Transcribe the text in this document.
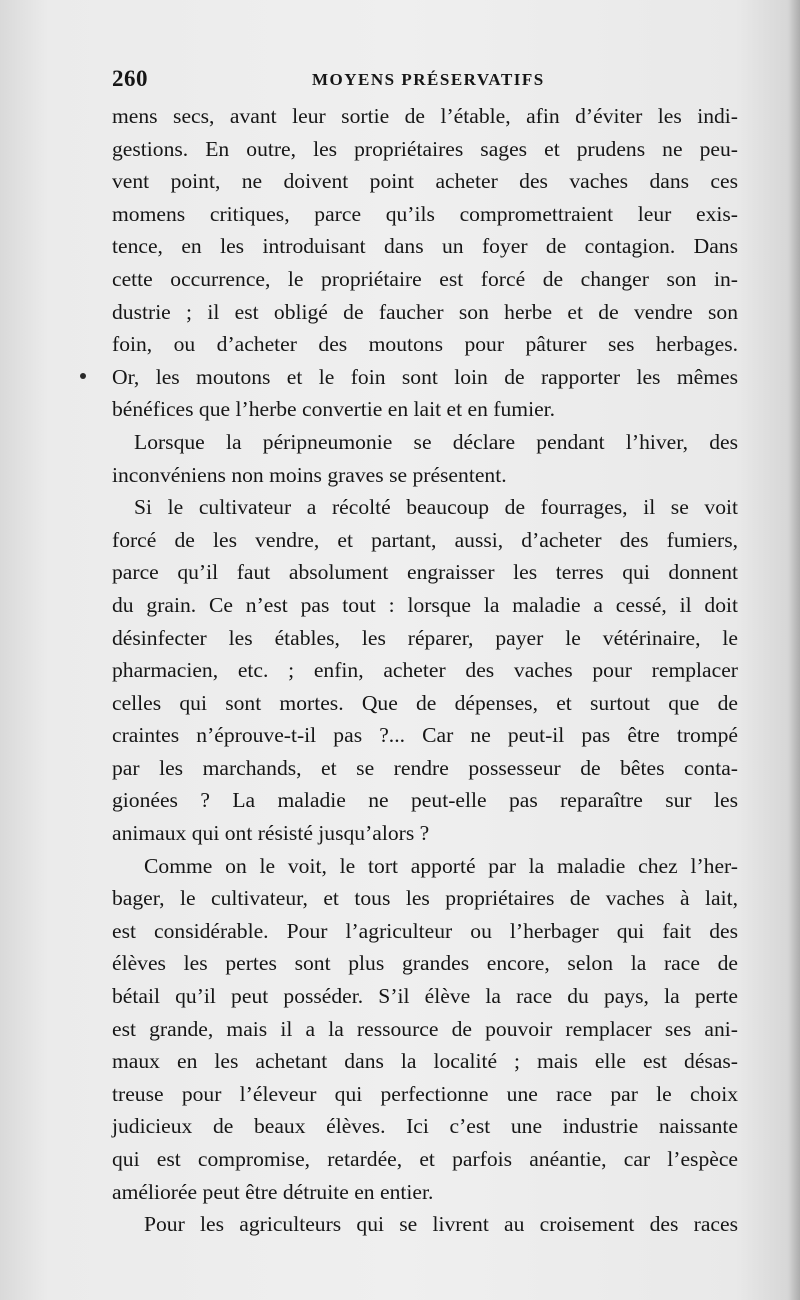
260	MOYENS PRÉSERVATIFS
mens secs, avant leur sortie de l’étable, afin d’éviter les indi-
gestions. En outre, les propriétaires sages et prudens ne peu-
vent point, ne doivent point acheter des vaches dans ces
momens critiques, parce qu’ils compromettraient leur exis-
tence, en les introduisant dans un foyer de contagion. Dans
cette occurrence, le propriétaire est forcé de changer son in-
dustrie ; il est obligé de faucher son herbe et de vendre son
foin, ou d’acheter des moutons pour pâturer ses herbages.
Or, les moutons et le foin sont loin de rapporter les mêmes
bénéfices que l’herbe convertie en lait et en fumier.
Lorsque la péripneumonie se déclare pendant l’hiver, des
inconvéniens non moins graves se présentent.
Si le cultivateur a récolté beaucoup de fourrages, il se voit
forcé de les vendre, et partant, aussi, d’acheter des fumiers,
parce qu’il faut absolument engraisser les terres qui donnent
du grain. Ce n’est pas tout : lorsque la maladie a cessé, il doit
désinfecter les étables, les réparer, payer le vétérinaire, le
pharmacien, etc. ; enfin, acheter des vaches pour remplacer
celles qui sont mortes. Que de dépenses, et surtout que de
craintes n’éprouve-t-il pas ?... Car ne peut-il pas être trompé
par les marchands, et se rendre possesseur de bêtes conta-
gionées ? La maladie ne peut-elle pas reparaître sur les
animaux qui ont résisté jusqu’alors ?
Comme on le voit, le tort apporté par la maladie chez l’her-
bager, le cultivateur, et tous les propriétaires de vaches à lait,
est considérable. Pour l’agriculteur ou l’herbager qui fait des
élèves les pertes sont plus grandes encore, selon la race de
bétail qu’il peut posséder. S’il élève la race du pays, la perte
est grande, mais il a la ressource de pouvoir remplacer ses ani-
maux en les achetant dans la localité ; mais elle est désas-
treuse pour l’éleveur qui perfectionne une race par le choix
judicieux de beaux élèves. Ici c’est une industrie naissante
qui est compromise, retardée, et parfois anéantie, car l’espèce
améliorée peut être détruite en entier.
Pour les agriculteurs qui se livrent au croisement des races
